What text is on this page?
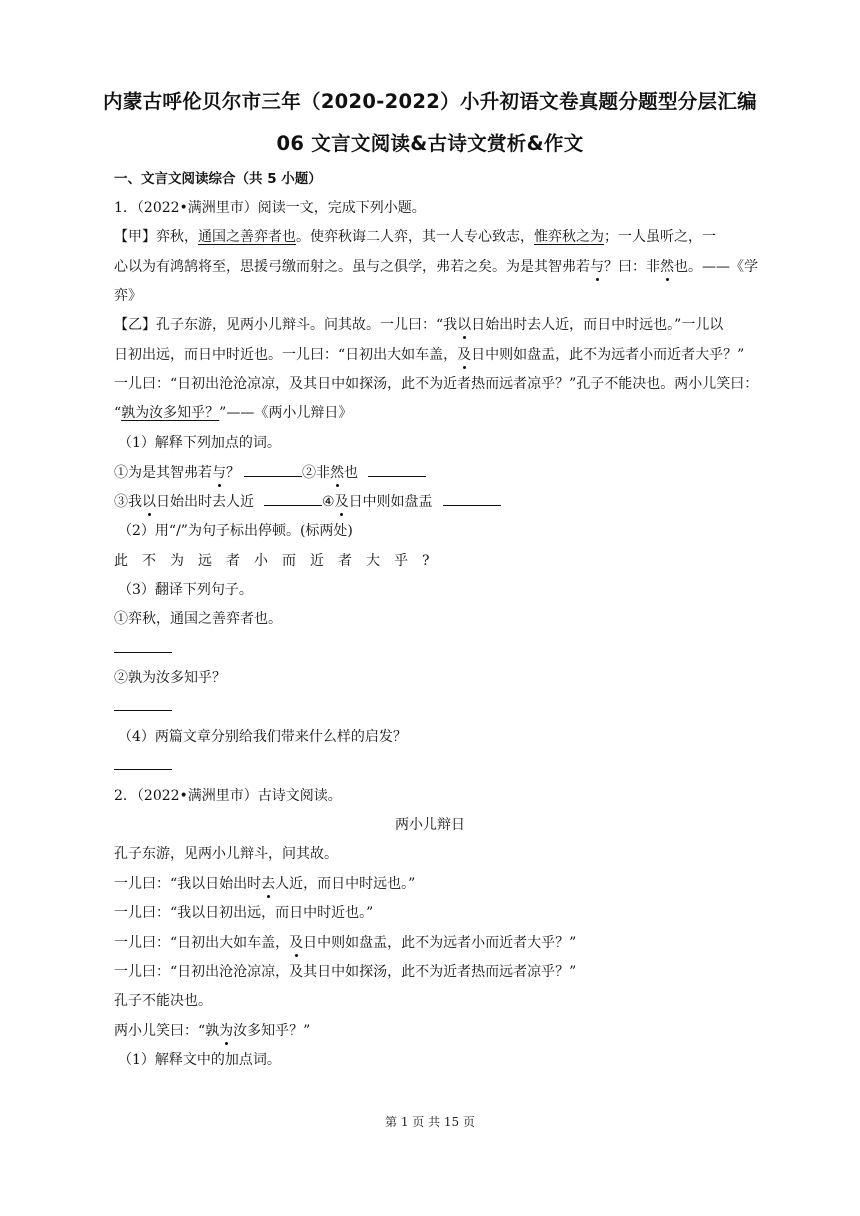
内蒙古呼伦贝尔市三年（2020-2022）小升初语文卷真题分题型分层汇编
06 文言文阅读&古诗文赏析&作文
一、文言文阅读综合（共 5 小题）
1．（2022•满洲里市）阅读一文，完成下列小题。
【甲】弈秋，通国之善弈者也。使弈秋诲二人弈，其一人专心致志，惟弈秋之为；一人虽听之，一
心以为有鸿鹄将至，思援弓缴而射之。虽与之俱学，弗若之矣。为是其智弗若与？曰：非然也。——《学
弈》
【乙】孔子东游，见两小儿辩斗。问其故。一儿曰：“我以日始出时去人近，而日中时远也。”一儿以
日初出远，而日中时近也。一儿曰：“日初出大如车盖，及日中则如盘盂，此不为远者小而近者大乎？”
一儿曰：“日初出沧沧凉凉，及其日中如探汤，此不为近者热而远者凉乎？”孔子不能决也。两小儿笑曰：
“孰为汝多知乎？”——《两小儿辩日》
（1）解释下列加点的词。
①为是其智弗若与？	②非然也
③我以日始出时去人近	④及日中则如盘盂
（2）用“/”为句子标出停顿。(标两处)
此不为远者小而近者大乎?
（3）翻译下列句子。
①弈秋，通国之善弈者也。
②孰为汝多知乎？
（4）两篇文章分别给我们带来什么样的启发？
2．（2022•满洲里市）古诗文阅读。
两小儿辩日
孔子东游，见两小儿辩斗，问其故。
一儿曰：“我以日始出时去人近，而日中时远也。”
一儿曰：“我以日初出远，而日中时近也。”
一儿曰：“日初出大如车盖，及日中则如盘盂，此不为远者小而近者大乎？”
一儿曰：“日初出沧沧凉凉，及其日中如探汤，此不为近者热而远者凉乎？”
孔子不能决也。
两小儿笑曰：“孰为汝多知乎？”
（1）解释文中的加点词。
第 1 页 共 15 页
